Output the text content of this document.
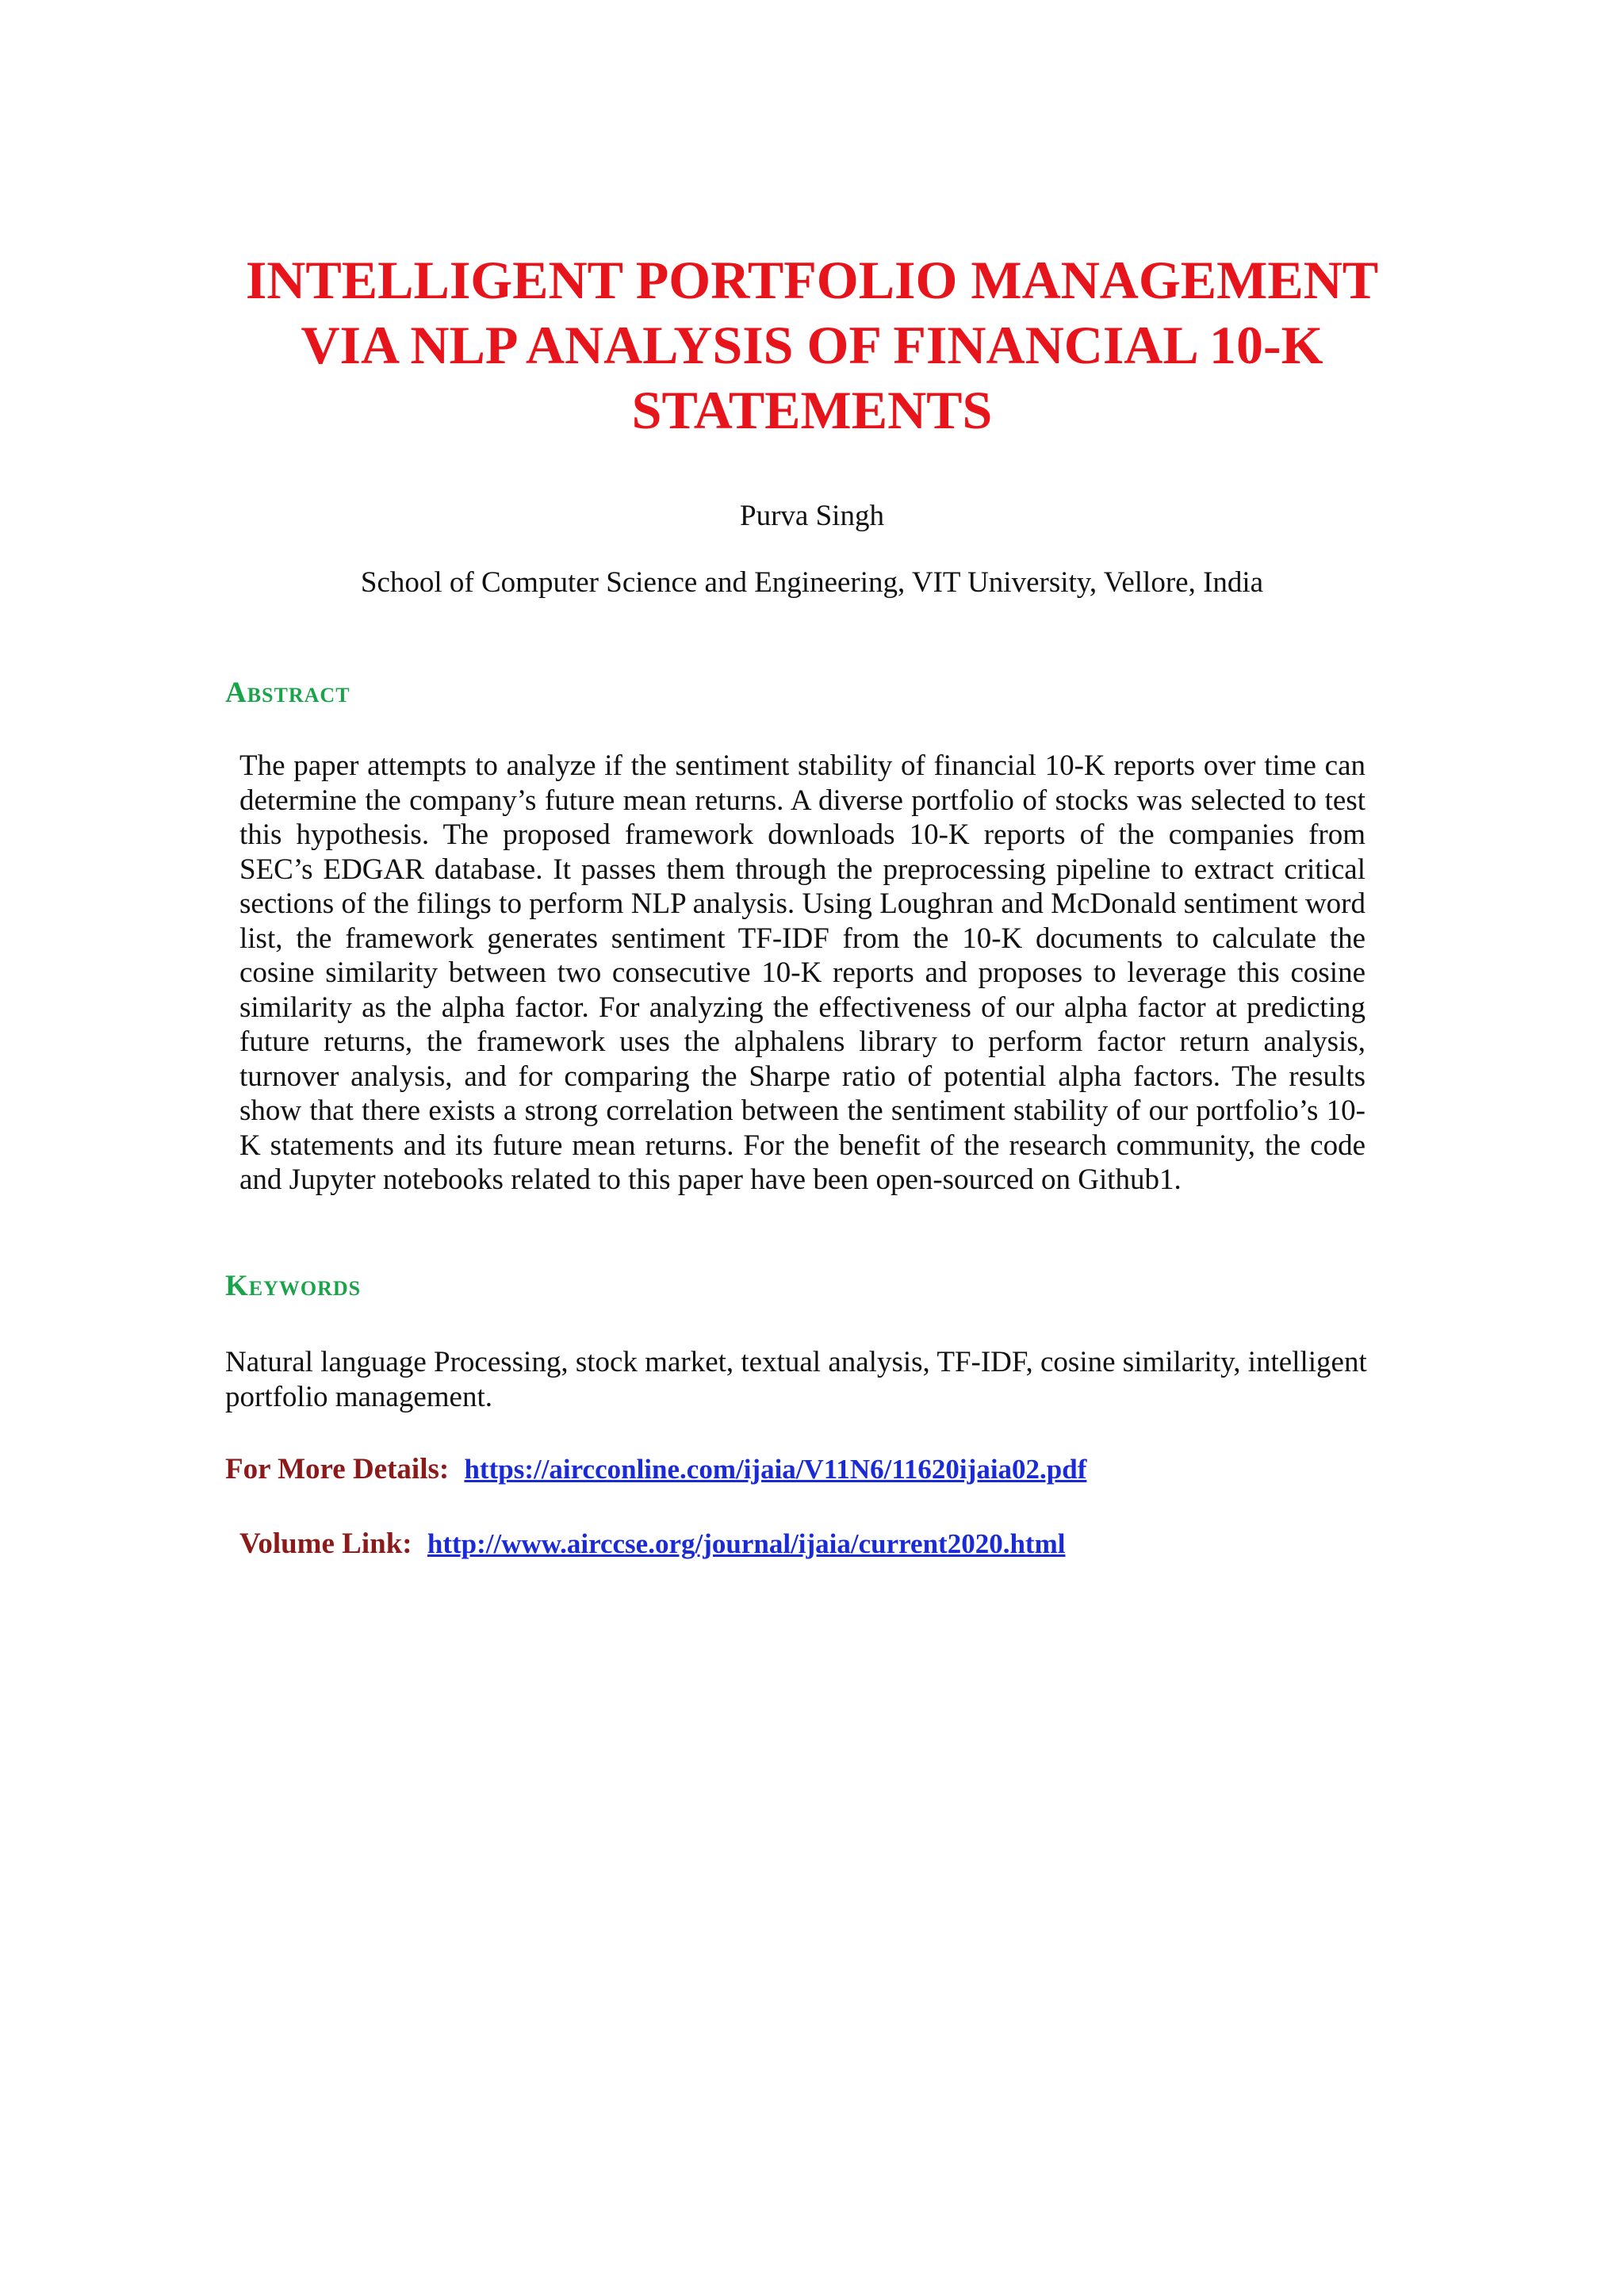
INTELLIGENT PORTFOLIO MANAGEMENT
VIA NLP ANALYSIS OF FINANCIAL 10-K
STATEMENTS
Purva Singh
School of Computer Science and Engineering, VIT University, Vellore, India
Abstract
The paper attempts to analyze if the sentiment stability of financial 10-K reports over time can determine the company’s future mean returns. A diverse portfolio of stocks was selected to test this hypothesis. The proposed framework downloads 10-K reports of the companies from SEC’s EDGAR database. It passes them through the preprocessing pipeline to extract critical sections of the filings to perform NLP analysis. Using Loughran and McDonald sentiment word list, the framework generates sentiment TF-IDF from the 10-K documents to calculate the cosine similarity between two consecutive 10-K reports and proposes to leverage this cosine similarity as the alpha factor. For analyzing the effectiveness of our alpha factor at predicting future returns, the framework uses the alphalens library to perform factor return analysis, turnover analysis, and for comparing the Sharpe ratio of potential alpha factors. The results show that there exists a strong correlation between the sentiment stability of our portfolio’s 10-K statements and its future mean returns. For the benefit of the research community, the code and Jupyter notebooks related to this paper have been open-sourced on Github1.
Keywords
Natural language Processing, stock market, textual analysis, TF-IDF, cosine similarity, intelligent portfolio management.
For More Details: https://aircconline.com/ijaia/V11N6/11620ijaia02.pdf
Volume Link: http://www.airccse.org/journal/ijaia/current2020.html
